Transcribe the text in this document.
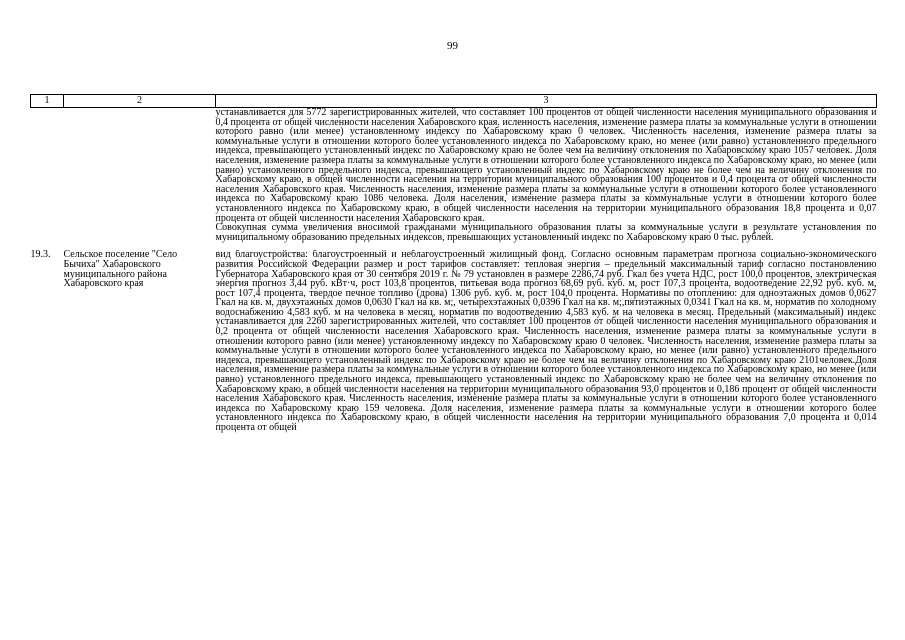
99
1	2	3

		устанавливается для 5772 зарегистрированных жителей, что составляет 100 процентов от общей численности населения муниципального образования и 0,4 процента от общей численности населения Хабаровского края. исленность населения, изменение размера платы за коммунальные услуги в отношении которого равно (или менее) установленному индексу по Хабаровскому краю 0 человек. Численность населения, изменение размера платы за коммунальные услуги в отношении которого более установленного индекса по Хабаровскому краю, но менее (или равно) установленного предельного индекса, превышающего установленный индекс по Хабаровскому краю не более чем на величину отклонения по Хабаровскому краю 1057 человек. Доля населения, изменение размера платы за коммунальные услуги в отношении которого более установленного индекса по Хабаровскому краю, но менее (или равно) установленного предельного индекса, превышающего установленный индекс по Хабаровскому краю не более чем на величину отклонения по Хабаровскому краю, в общей численности населения на территории муниципального образования 100 процентов и 0,4 процента от общей численности населения Хабаровского края. Численность населения, изменение размера платы за коммунальные услуги в отношении которого более установленного индекса по Хабаровскому краю 1086 человека. Доля населения, изменение размера платы за коммунальные услуги в отношении которого более установленного индекса по Хабаровскому краю, в общей численности населения на территории муниципального образования 18,8 процента и 0,07 процента от общей численности населения Хабаровского края.

Совокупная сумма увеличения вносимой гражданами муниципального образования платы за коммунальные услуги в результате установления по муниципальному образованию предельных индексов, превышающих установленный индекс по Хабаровскому краю 0 тыс. рублей.

19.3.	Сельское поселение "Село Бычиха" Хабаровского муниципального района Хабаровского края	вид благоустройства: благоустроенный и неблагоустроенный жилищный фонд. Согласно основным параметрам прогноза социально-экономического развития Российской Федерации размер и рост тарифов составляет: тепловая энергия – предельный максимальный тариф согласно постановлению Губернатора Хабаровского края от 30 сентября 2019 г. № 79 установлен в размере 2286,74 руб. Гкал без учета НДС, рост 100,0 процентов, электрическая энергия прогноз 3,44 руб. кВт·ч, рост 103,8 процентов, питьевая вода прогноз 68,69 руб. куб. м, рост 107,3 процента, водоотведение 22,92 руб. куб. м, рост 107,4 процента, твердое печное топливо (дрова) 1306 руб. куб. м, рост 104,0 процента. Нормативы по отоплению: для одноэтажных домов 0,0627 Гкал на кв. м, двухэтажных домов 0,0630 Гкал на кв. м;, четырехэтажных 0,0396 Гкал на кв. м;,пятиэтажных 0,0341 Гкал на кв. м, норматив по холодному водоснабжению 4,583 куб. м на человека в месяц, норматив по водоотведению 4,583 куб. м на человека в месяц. Предельный (максимальный) индекс устанавливается для 2260 зарегистрированных жителей, что составляет 100 процентов от общей численности населения муниципального образования и 0,2 процента от общей численности населения Хабаровского края. Численность населения, изменение размера платы за коммунальные услуги в отношении которого равно (или менее) установленному индексу по Хабаровскому краю 0 человек. Численность населения, изменение размера платы за коммунальные услуги в отношении которого более установленного индекса по Хабаровскому краю, но менее (или равно) установленного предельного индекса, превышающего установленный индекс по Хабаровскому краю не более чем на величину отклонения по Хабаровскому краю 2101человек.Доля населения, изменение размера платы за коммунальные услуги в отношении которого более установленного индекса по Хабаровскому краю, но менее (или равно) установленного предельного индекса, превышающего установленный индекс по Хабаровскому краю не более чем на величину отклонения по Хабаровскому краю, в общей численности населения на территории муниципального образования 93,0 процентов и 0,186 процент от общей численности населения Хабаровского края. Численность населения, изменение размера платы за коммунальные услуги в отношении которого более установленного индекса по Хабаровскому краю 159 человека. Доля населения, изменение размера платы за коммунальные услуги в отношении которого более установленного индекса по Хабаровскому краю, в общей численности населения на территории муниципального образования 7,0 процента и 0,014 процента от общей
